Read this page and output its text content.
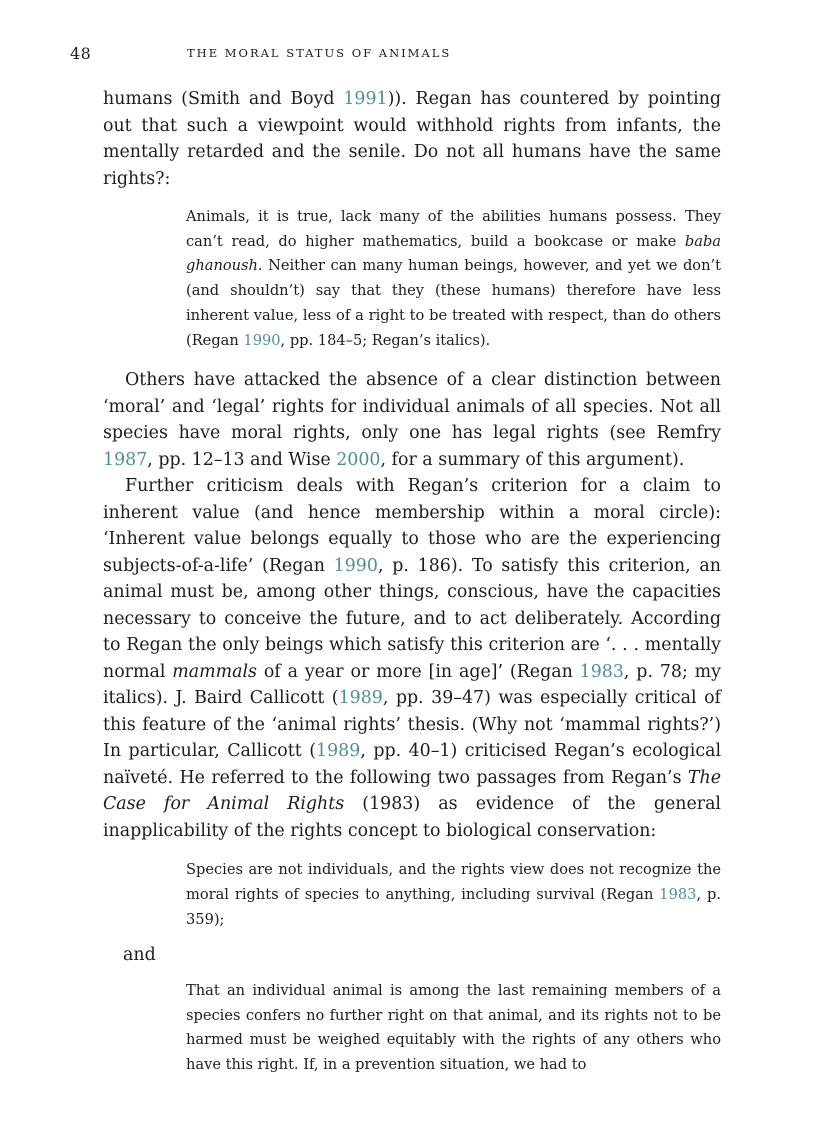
48	THE MORAL STATUS OF ANIMALS

humans (Smith and Boyd 1991)). Regan has countered by pointing out that such a viewpoint would withhold rights from infants, the mentally retarded and the senile. Do not all humans have the same rights?:

Animals, it is true, lack many of the abilities humans possess. They can’t read, do higher mathematics, build a bookcase or make baba ghanoush. Neither can many human beings, however, and yet we don’t (and shouldn’t) say that they (these humans) therefore have less inherent value, less of a right to be treated with respect, than do others (Regan 1990, pp. 184–5; Regan’s italics).

Others have attacked the absence of a clear distinction between ‘moral’ and ‘legal’ rights for individual animals of all species. Not all species have moral rights, only one has legal rights (see Remfry 1987, pp. 12–13 and Wise 2000, for a summary of this argument).

Further criticism deals with Regan’s criterion for a claim to inherent value (and hence membership within a moral circle): ‘Inherent value belongs equally to those who are the experiencing subjects-of-a-life’ (Regan 1990, p. 186). To satisfy this criterion, an animal must be, among other things, conscious, have the capacities necessary to conceive the future, and to act deliberately. According to Regan the only beings which satisfy this criterion are ‘. . . mentally normal mammals of a year or more [in age]’ (Regan 1983, p. 78; my italics). J. Baird Callicott (1989, pp. 39–47) was especially critical of this feature of the ‘animal rights’ thesis. (Why not ‘mammal rights?’) In particular, Callicott (1989, pp. 40–1) criticised Regan’s ecological naïveté. He referred to the following two passages from Regan’s The Case for Animal Rights (1983) as evidence of the general inapplicability of the rights concept to biological conservation:

Species are not individuals, and the rights view does not recognize the moral rights of species to anything, including survival (Regan 1983, p. 359);

and

That an individual animal is among the last remaining members of a species confers no further right on that animal, and its rights not to be harmed must be weighed equitably with the rights of any others who have this right. If, in a prevention situation, we had to
